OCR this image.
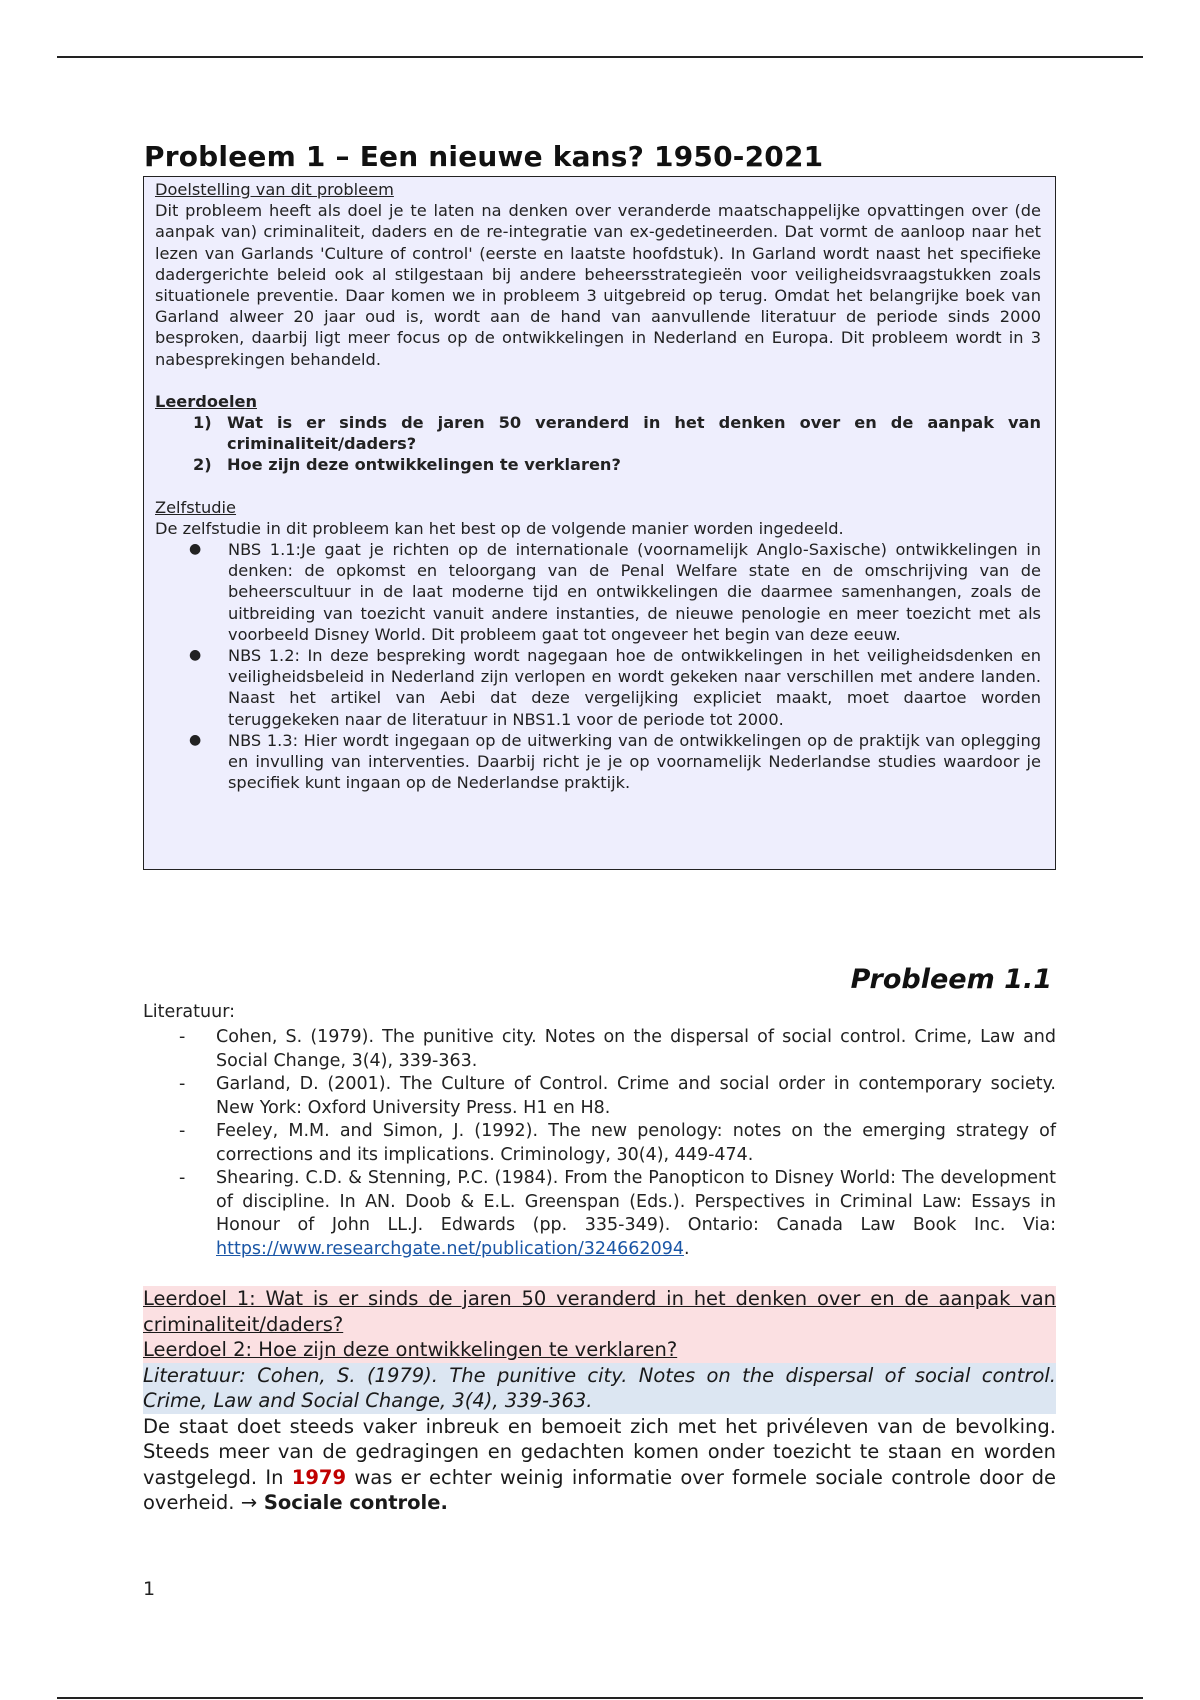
Probleem 1 – Een nieuwe kans? 1950-2021

Doelstelling van dit probleem

Dit probleem heeft als doel je te laten na denken over veranderde maatschappelijke opvattingen over (de aanpak van) criminaliteit, daders en de re-integratie van ex-gedetineerden. Dat vormt de aanloop naar het lezen van Garlands 'Culture of control' (eerste en laatste hoofdstuk). In Garland wordt naast het specifieke dadergerichte beleid ook al stilgestaan bij andere beheersstrategieën voor veiligheidsvraagstukken zoals situationele preventie. Daar komen we in probleem 3 uitgebreid op terug. Omdat het belangrijke boek van Garland alweer 20 jaar oud is, wordt aan de hand van aanvullende literatuur de periode sinds 2000 besproken, daarbij ligt meer focus op de ontwikkelingen in Nederland en Europa. Dit probleem wordt in 3 nabesprekingen behandeld.

Leerdoelen

1) Wat is er sinds de jaren 50 veranderd in het denken over en de aanpak van criminaliteit/daders?
2) Hoe zijn deze ontwikkelingen te verklaren?

Zelfstudie

De zelfstudie in dit probleem kan het best op de volgende manier worden ingedeeld.

●	NBS 1.1:Je gaat je richten op de internationale (voornamelijk Anglo-Saxische) ontwikkelingen in denken: de opkomst en teloorgang van de Penal Welfare state en de omschrijving van de beheerscultuur in de laat moderne tijd en ontwikkelingen die daarmee samenhangen, zoals de uitbreiding van toezicht vanuit andere instanties, de nieuwe penologie en meer toezicht met als voorbeeld Disney World. Dit probleem gaat tot ongeveer het begin van deze eeuw.
●	NBS 1.2: In deze bespreking wordt nagegaan hoe de ontwikkelingen in het veiligheidsdenken en veiligheidsbeleid in Nederland zijn verlopen en wordt gekeken naar verschillen met andere landen. Naast het artikel van Aebi dat deze vergelijking expliciet maakt, moet daartoe worden teruggekeken naar de literatuur in NBS1.1 voor de periode tot 2000.
●	NBS 1.3: Hier wordt ingegaan op de uitwerking van de ontwikkelingen op de praktijk van oplegging en invulling van interventies. Daarbij richt je je op voornamelijk Nederlandse studies waardoor je specifiek kunt ingaan op de Nederlandse praktijk.
Probleem 1.1

Literatuur:

-	Cohen, S. (1979). The punitive city. Notes on the dispersal of social control. Crime, Law and Social Change, 3(4), 339-363.
-	Garland, D. (2001). The Culture of Control. Crime and social order in contemporary society. New York: Oxford University Press. H1 en H8.
-	Feeley, M.M. and Simon, J. (1992). The new penology: notes on the emerging strategy of corrections and its implications. Criminology, 30(4), 449-474.
-	Shearing. C.D. & Stenning, P.C. (1984). From the Panopticon to Disney World: The development of discipline. In AN. Doob & E.L. Greenspan (Eds.). Perspectives in Criminal Law: Essays in Honour of John LL.J. Edwards (pp. 335-349). Ontario: Canada Law Book Inc. Via: https://www.researchgate.net/publication/324662094.

Leerdoel 1: Wat is er sinds de jaren 50 veranderd in het denken over en de aanpak van criminaliteit/daders?

Leerdoel 2: Hoe zijn deze ontwikkelingen te verklaren?

Literatuur: Cohen, S. (1979). The punitive city. Notes on the dispersal of social control. Crime, Law and Social Change, 3(4), 339-363.

De staat doet steeds vaker inbreuk en bemoeit zich met het privéleven van de bevolking. Steeds meer van de gedragingen en gedachten komen onder toezicht te staan en worden vastgelegd. In 1979 was er echter weinig informatie over formele sociale controle door de overheid. → Sociale controle.

1
